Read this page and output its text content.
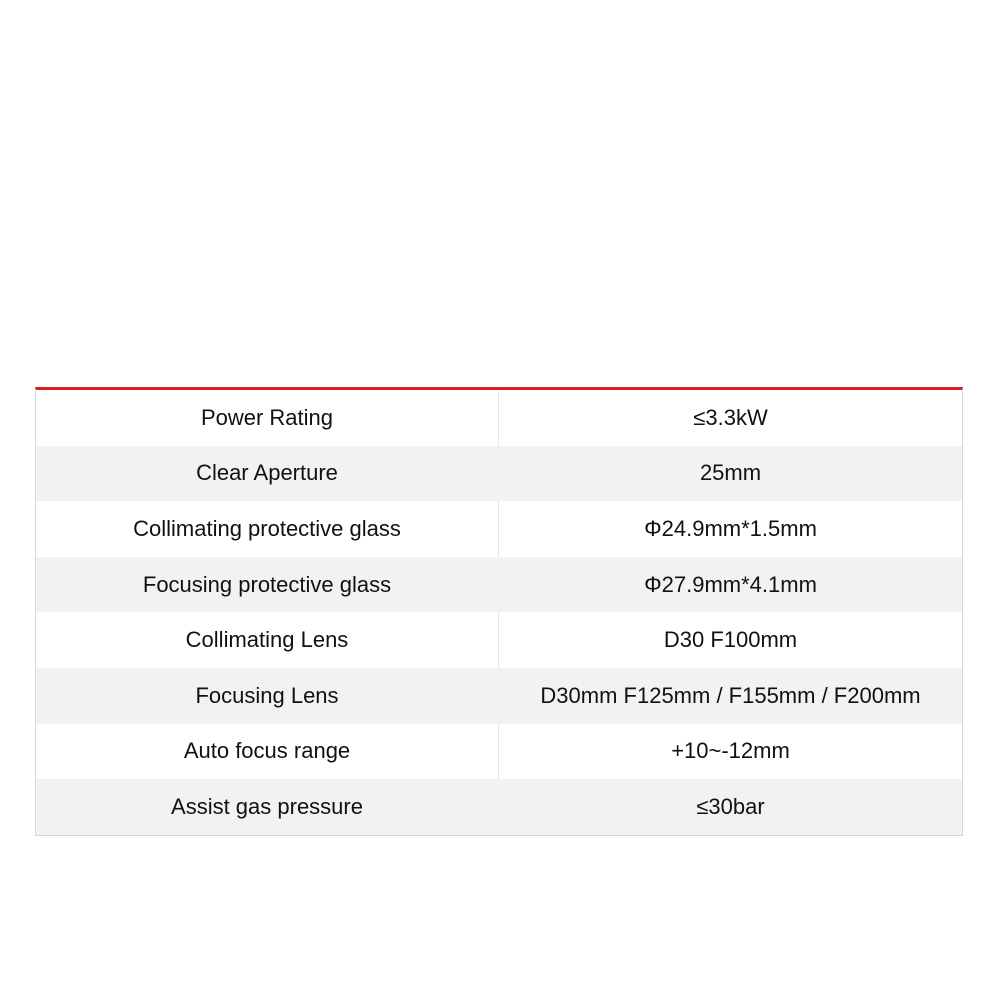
Power Rating	≤3.3kW
Clear Aperture	25mm
Collimating protective glass	Φ24.9mm*1.5mm
Focusing protective glass	Φ27.9mm*4.1mm
Collimating Lens	D30 F100mm
Focusing Lens	D30mm F125mm / F155mm / F200mm
Auto focus range	+10~-12mm
Assist gas pressure	≤30bar
